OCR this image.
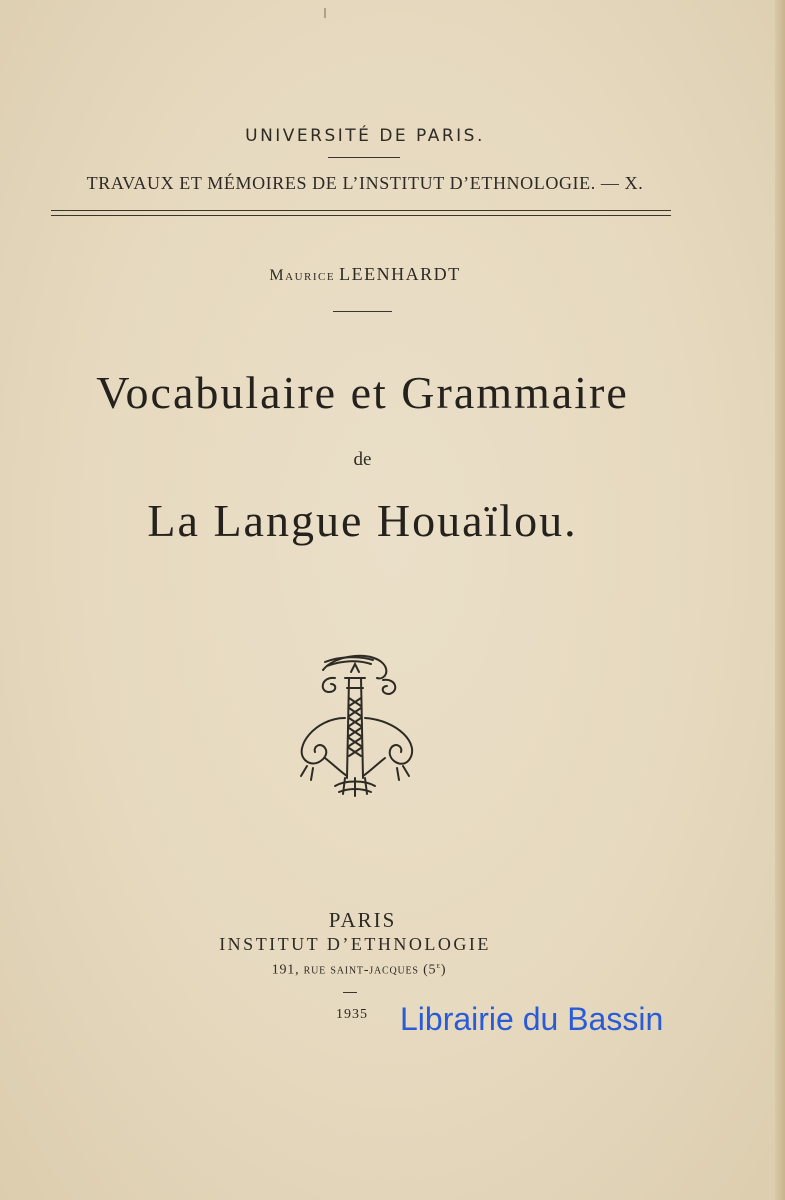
UNIVERSITÉ DE PARIS.
TRAVAUX ET MÉMOIRES DE L’INSTITUT D’ETHNOLOGIE. — X.
Maurice LEENHARDT
Vocabulaire et Grammaire
de
La Langue Houaïlou.
PARIS
INSTITUT D’ETHNOLOGIE
191, rue saint-jacques (5e)
1935 Librairie du Bassin
